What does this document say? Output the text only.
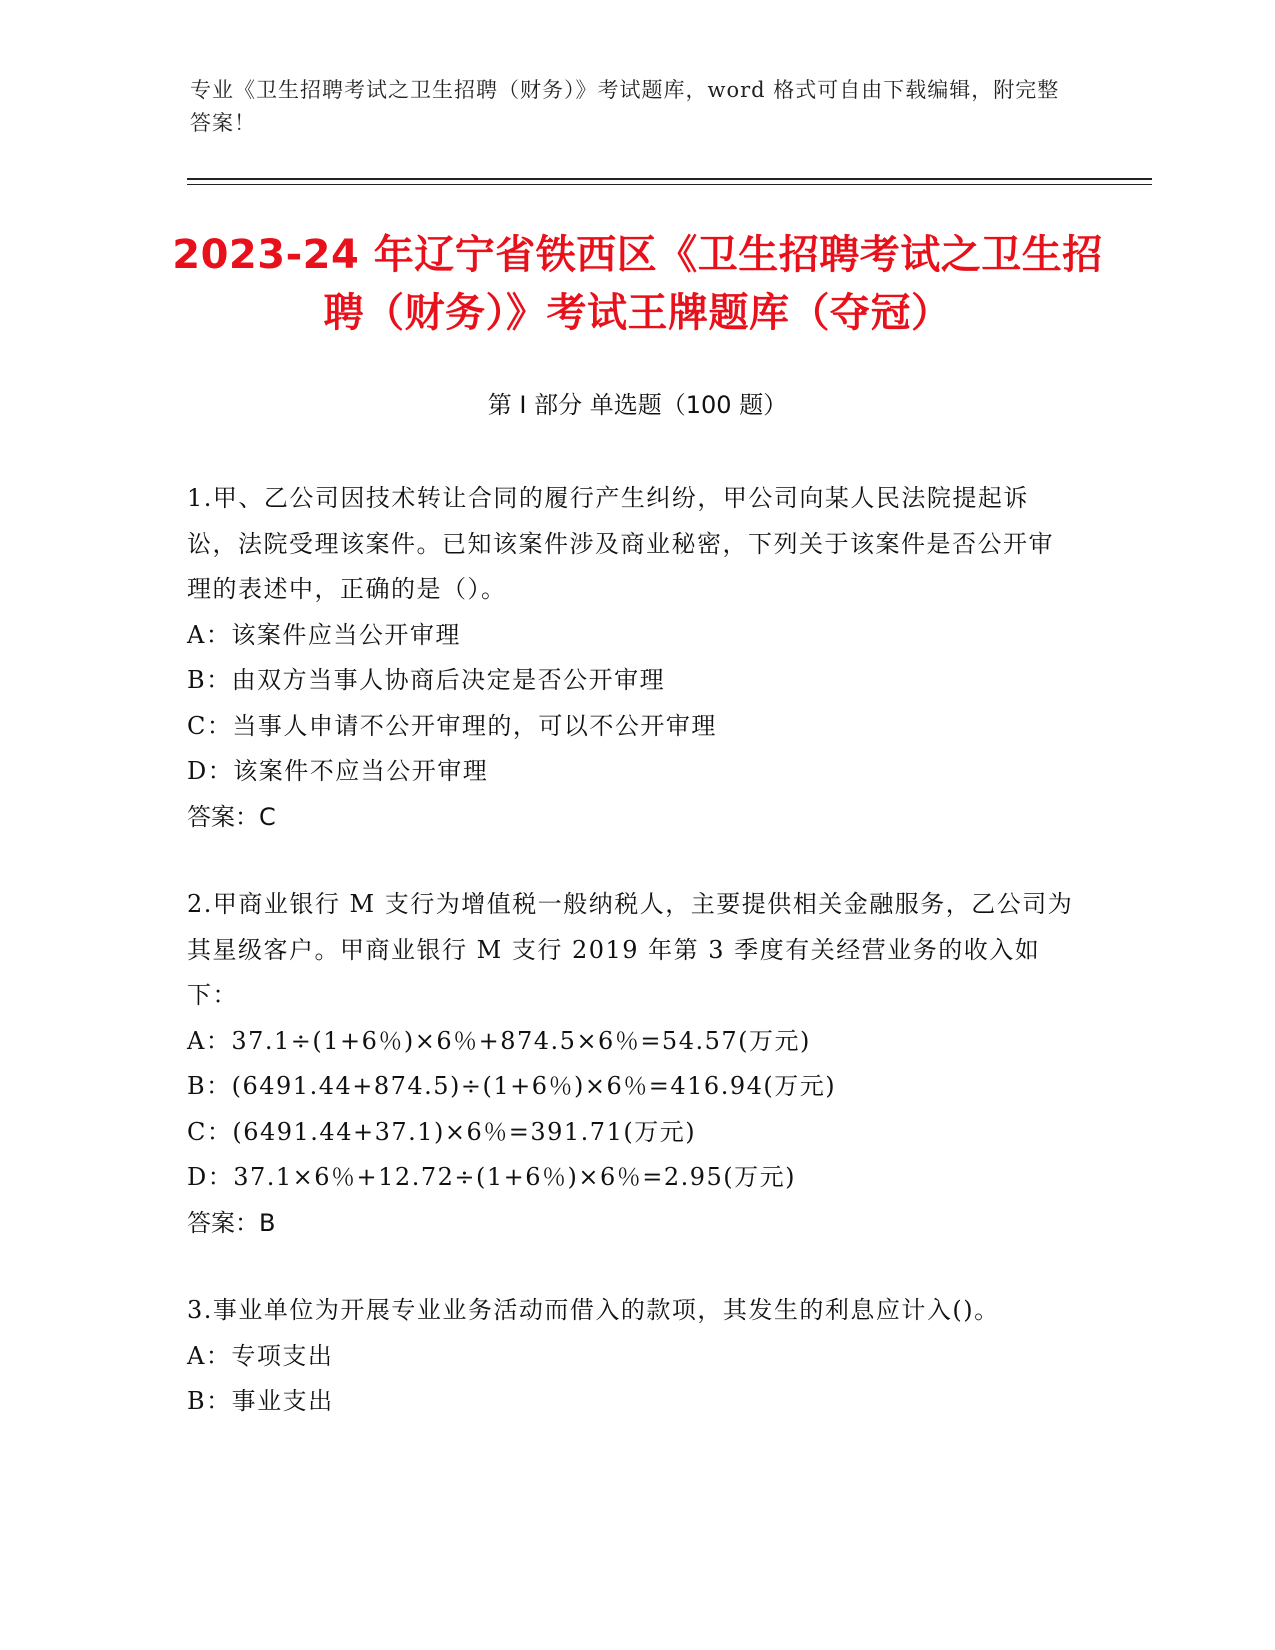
专业《卫生招聘考试之卫生招聘（财务）》考试题库，word 格式可自由下载编辑，附完整答案！
2023-24 年辽宁省铁西区《卫生招聘考试之卫生招聘（财务）》考试王牌题库（夺冠）
第 I 部分 单选题（100 题）

1.甲、乙公司因技术转让合同的履行产生纠纷，甲公司向某人民法院提起诉讼，法院受理该案件。已知该案件涉及商业秘密，下列关于该案件是否公开审理的表述中，正确的是（）。

A：该案件应当公开审理

B：由双方当事人协商后决定是否公开审理

C：当事人申请不公开审理的，可以不公开审理

D：该案件不应当公开审理

答案：C

2.甲商业银行 M 支行为增值税一般纳税人，主要提供相关金融服务，乙公司为其星级客户。甲商业银行 M 支行 2019 年第 3 季度有关经营业务的收入如下：

A：37.1÷(1+6％)×6％+874.5×6％=54.57(万元)

B：(6491.44+874.5)÷(1+6％)×6％=416.94(万元)

C：(6491.44+37.1)×6％=391.71(万元)

D：37.1×6％+12.72÷(1+6％)×6％=2.95(万元)

答案：B

3.事业单位为开展专业业务活动而借入的款项，其发生的利息应计入()。

A：专项支出

B：事业支出
